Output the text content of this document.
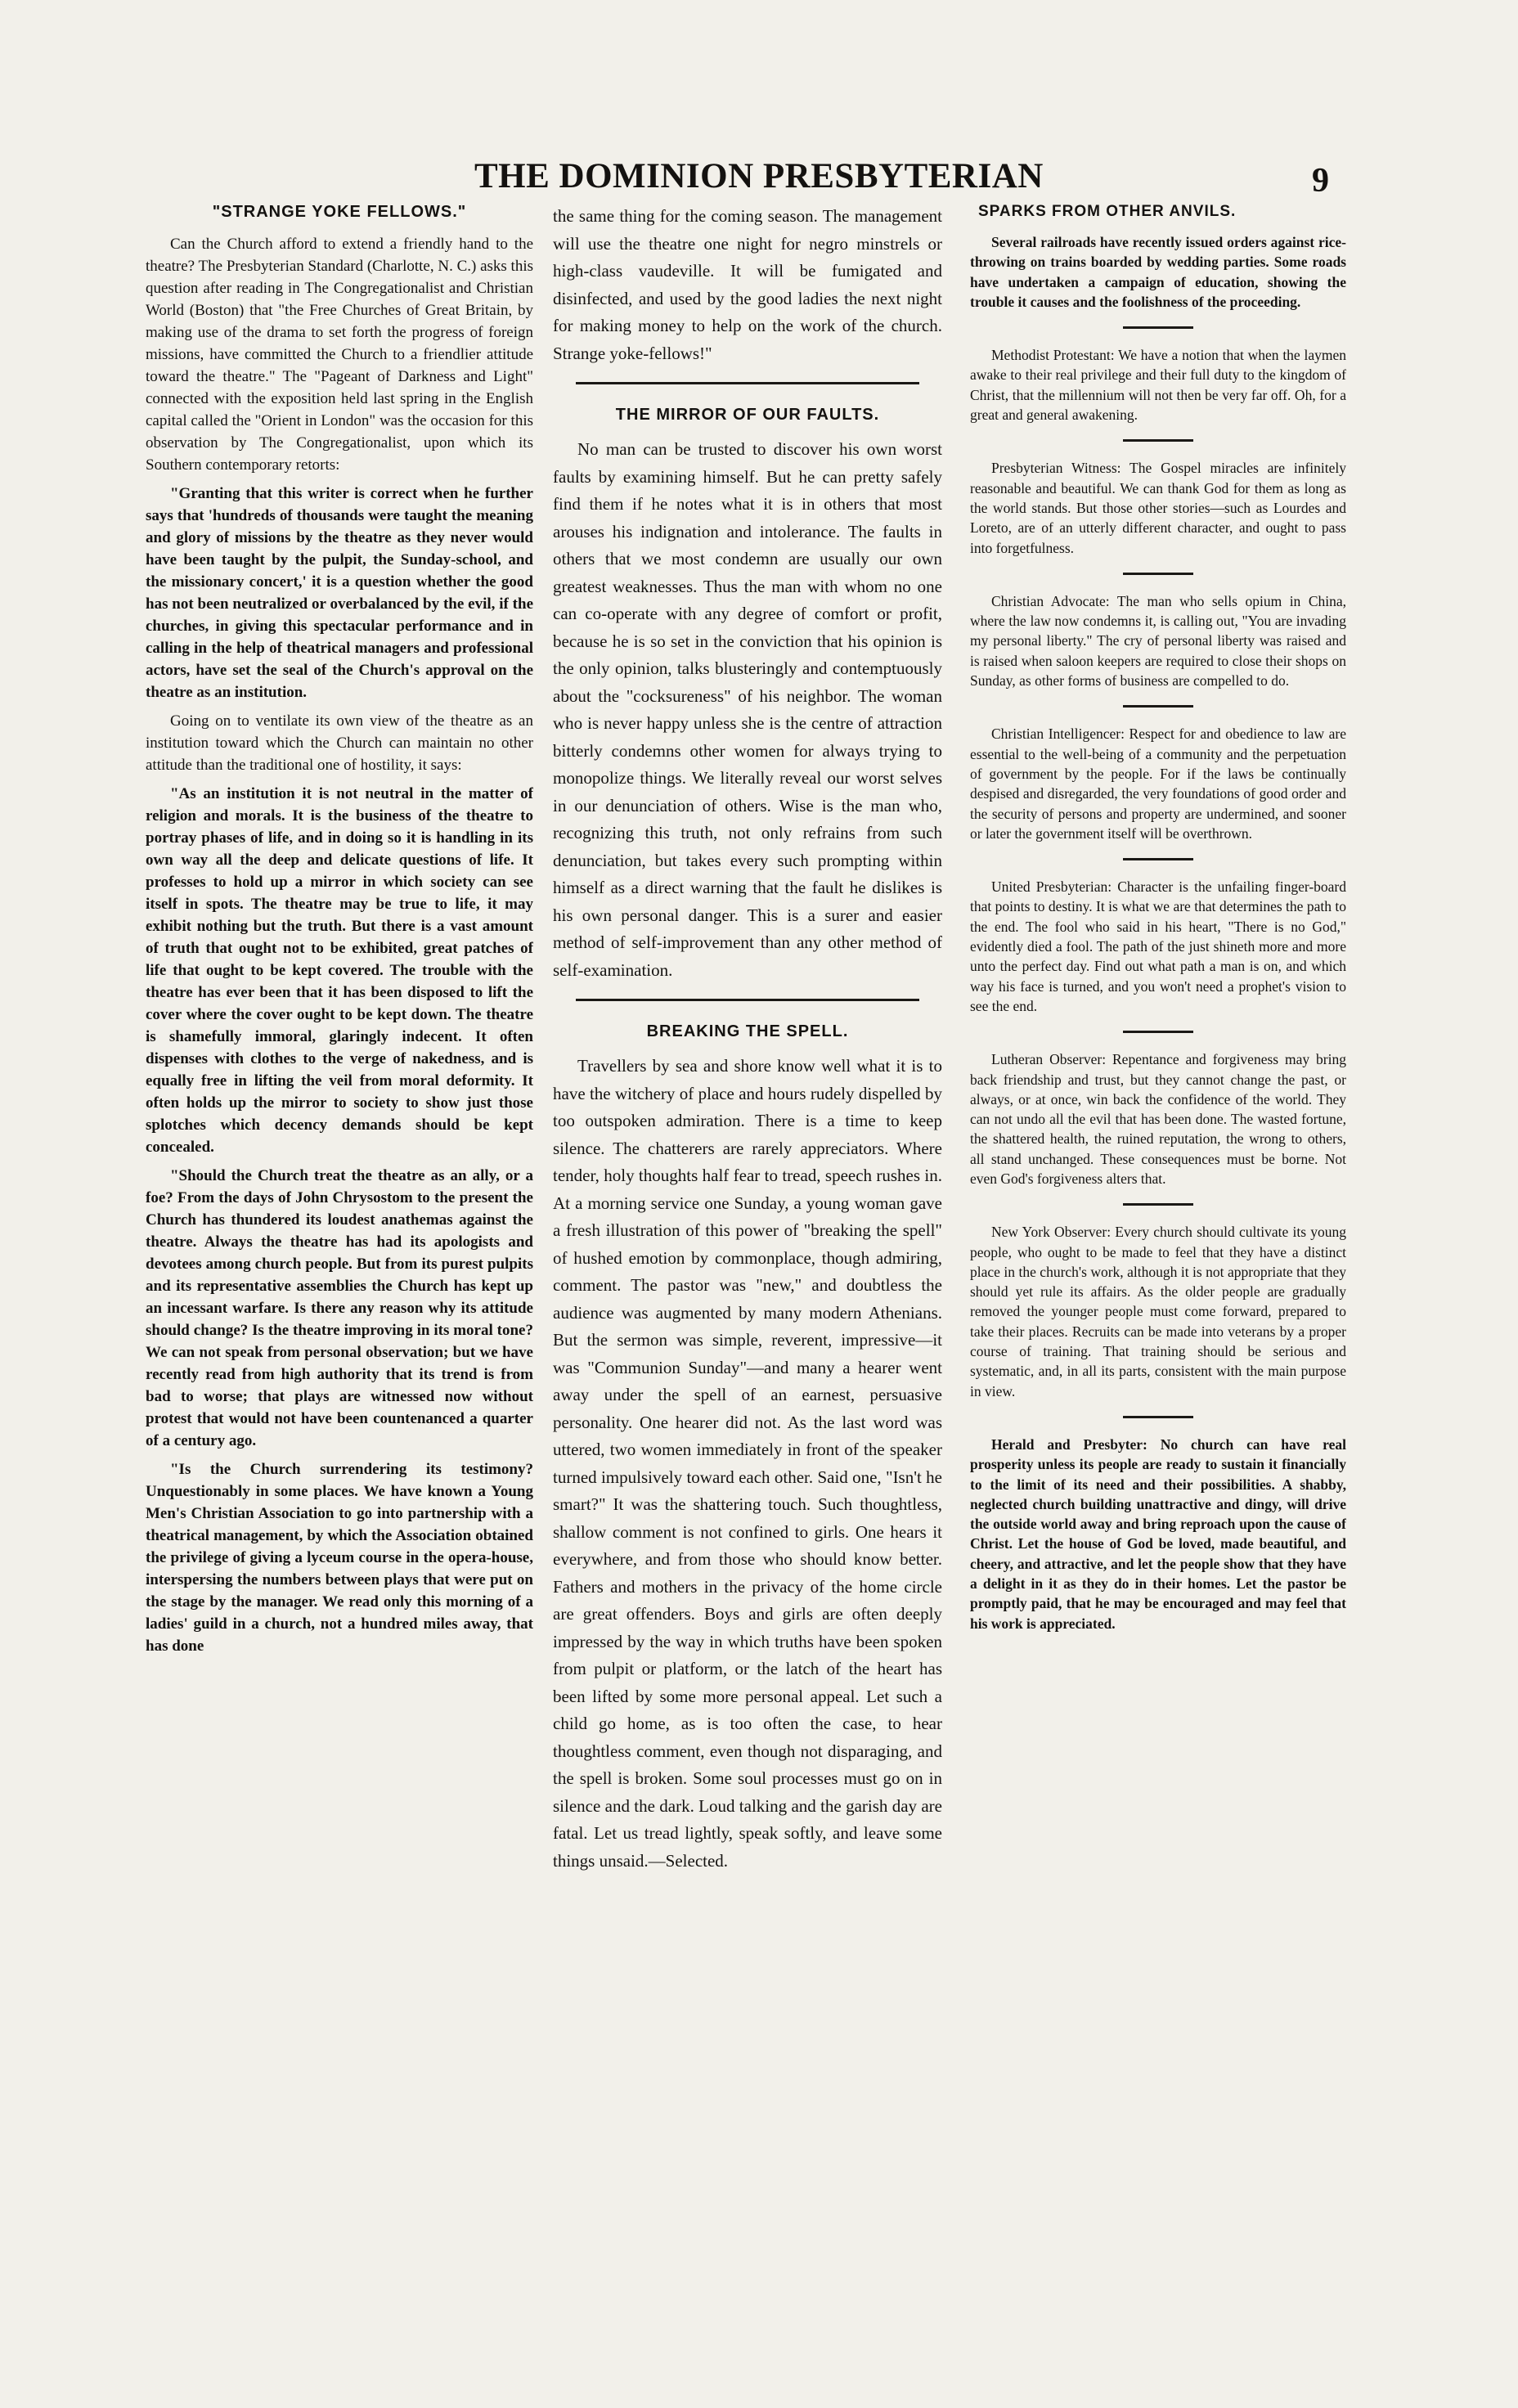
THE DOMINION PRESBYTERIAN	9
"STRANGE YOKE FELLOWS."

Can the Church afford to extend a friendly hand to the theatre? The Presbyterian Standard (Charlotte, N. C.) asks this question after reading in The Congregationalist and Christian World (Boston) that "the Free Churches of Great Britain, by making use of the drama to set forth the progress of foreign missions, have committed the Church to a friendlier attitude toward the theatre." The "Pageant of Darkness and Light" connected with the exposition held last spring in the English capital called the "Orient in London" was the occasion for this observation by The Congregationalist, upon which its Southern contemporary retorts:

"Granting that this writer is correct when he further says that 'hundreds of thousands were taught the meaning and glory of missions by the theatre as they never would have been taught by the pulpit, the Sunday-school, and the missionary concert,' it is a question whether the good has not been neutralized or overbalanced by the evil, if the churches, in giving this spectacular performance and in calling in the help of theatrical managers and professional actors, have set the seal of the Church's approval on the theatre as an institution.

Going on to ventilate its own view of the theatre as an institution toward which the Church can maintain no other attitude than the traditional one of hostility, it says:

"As an institution it is not neutral in the matter of religion and morals. It is the business of the theatre to portray phases of life, and in doing so it is handling in its own way all the deep and delicate questions of life. It professes to hold up a mirror in which society can see itself in spots. The theatre may be true to life, it may exhibit nothing but the truth. But there is a vast amount of truth that ought not to be exhibited, great patches of life that ought to be kept covered. The trouble with the theatre has ever been that it has been disposed to lift the cover where the cover ought to be kept down. The theatre is shamefully immoral, glaringly indecent. It often dispenses with clothes to the verge of nakedness, and is equally free in lifting the veil from moral deformity. It often holds up the mirror to society to show just those splotches which decency demands should be kept concealed.

"Should the Church treat the theatre as an ally, or a foe? From the days of John Chrysostom to the present the Church has thundered its loudest anathemas against the theatre. Always the theatre has had its apologists and devotees among church people. But from its purest pulpits and its representative assemblies the Church has kept up an incessant warfare. Is there any reason why its attitude should change? Is the theatre improving in its moral tone? We can not speak from personal observation; but we have recently read from high authority that its trend is from bad to worse; that plays are witnessed now without protest that would not have been countenanced a quarter of a century ago.

"Is the Church surrendering its testimony? Unquestionably in some places. We have known a Young Men's Christian Association to go into partnership with a theatrical management, by which the Association obtained the privilege of giving a lyceum course in the opera-house, interspersing the numbers between plays that were put on the stage by the manager. We read only this morning of a ladies' guild in a church, not a hundred miles away, that has done

the same thing for the coming season. The management will use the theatre one night for negro minstrels or high-class vaudeville. It will be fumigated and disinfected, and used by the good ladies the next night for making money to help on the work of the church. Strange yoke-fellows!"

THE MIRROR OF OUR FAULTS.

No man can be trusted to discover his own worst faults by examining himself. But he can pretty safely find them if he notes what it is in others that most arouses his indignation and intolerance. The faults in others that we most condemn are usually our own greatest weaknesses. Thus the man with whom no one can co-operate with any degree of comfort or profit, because he is so set in the conviction that his opinion is the only opinion, talks blusteringly and contemptuously about the "cocksureness" of his neighbor. The woman who is never happy unless she is the centre of attraction bitterly condemns other women for always trying to monopolize things. We literally reveal our worst selves in our denunciation of others. Wise is the man who, recognizing this truth, not only refrains from such denunciation, but takes every such prompting within himself as a direct warning that the fault he dislikes is his own personal danger. This is a surer and easier method of self-improvement than any other method of self-examination.

BREAKING THE SPELL.

Travellers by sea and shore know well what it is to have the witchery of place and hours rudely dispelled by too outspoken admiration. There is a time to keep silence. The chatterers are rarely appreciators. Where tender, holy thoughts half fear to tread, speech rushes in. At a morning service one Sunday, a young woman gave a fresh illustration of this power of "breaking the spell" of hushed emotion by commonplace, though admiring, comment. The pastor was "new," and doubtless the audience was augmented by many modern Athenians. But the sermon was simple, reverent, impressive—it was "Communion Sunday"—and many a hearer went away under the spell of an earnest, persuasive personality. One hearer did not. As the last word was uttered, two women immediately in front of the speaker turned impulsively toward each other. Said one, "Isn't he smart?" It was the shattering touch. Such thoughtless, shallow comment is not confined to girls. One hears it everywhere, and from those who should know better. Fathers and mothers in the privacy of the home circle are great offenders. Boys and girls are often deeply impressed by the way in which truths have been spoken from pulpit or platform, or the latch of the heart has been lifted by some more personal appeal. Let such a child go home, as is too often the case, to hear thoughtless comment, even though not disparaging, and the spell is broken. Some soul processes must go on in silence and the dark. Loud talking and the garish day are fatal. Let us tread lightly, speak softly, and leave some things unsaid.—Selected.

SPARKS FROM OTHER ANVILS.

Several railroads have recently issued orders against rice-throwing on trains boarded by wedding parties. Some roads have undertaken a campaign of education, showing the trouble it causes and the foolishness of the proceeding.

Methodist Protestant: We have a notion that when the laymen awake to their real privilege and their full duty to the kingdom of Christ, that the millennium will not then be very far off. Oh, for a great and general awakening.

Presbyterian Witness: The Gospel miracles are infinitely reasonable and beautiful. We can thank God for them as long as the world stands. But those other stories—such as Lourdes and Loreto, are of an utterly different character, and ought to pass into forgetfulness.

Christian Advocate: The man who sells opium in China, where the law now condemns it, is calling out, "You are invading my personal liberty." The cry of personal liberty was raised and is raised when saloon keepers are required to close their shops on Sunday, as other forms of business are compelled to do.

Christian Intelligencer: Respect for and obedience to law are essential to the well-being of a community and the perpetuation of government by the people. For if the laws be continually despised and disregarded, the very foundations of good order and the security of persons and property are undermined, and sooner or later the government itself will be overthrown.

United Presbyterian: Character is the unfailing finger-board that points to destiny. It is what we are that determines the path to the end. The fool who said in his heart, "There is no God," evidently died a fool. The path of the just shineth more and more unto the perfect day. Find out what path a man is on, and which way his face is turned, and you won't need a prophet's vision to see the end.

Lutheran Observer: Repentance and forgiveness may bring back friendship and trust, but they cannot change the past, or always, or at once, win back the confidence of the world. They can not undo all the evil that has been done. The wasted fortune, the shattered health, the ruined reputation, the wrong to others, all stand unchanged. These consequences must be borne. Not even God's forgiveness alters that.

New York Observer: Every church should cultivate its young people, who ought to be made to feel that they have a distinct place in the church's work, although it is not appropriate that they should yet rule its affairs. As the older people are gradually removed the younger people must come forward, prepared to take their places. Recruits can be made into veterans by a proper course of training. That training should be serious and systematic, and, in all its parts, consistent with the main purpose in view.

Herald and Presbyter: No church can have real prosperity unless its people are ready to sustain it financially to the limit of its need and their possibilities. A shabby, neglected church building unattractive and dingy, will drive the outside world away and bring reproach upon the cause of Christ. Let the house of God be loved, made beautiful, and cheery, and attractive, and let the people show that they have a delight in it as they do in their homes. Let the pastor be promptly paid, that he may be encouraged and may feel that his work is appreciated.
